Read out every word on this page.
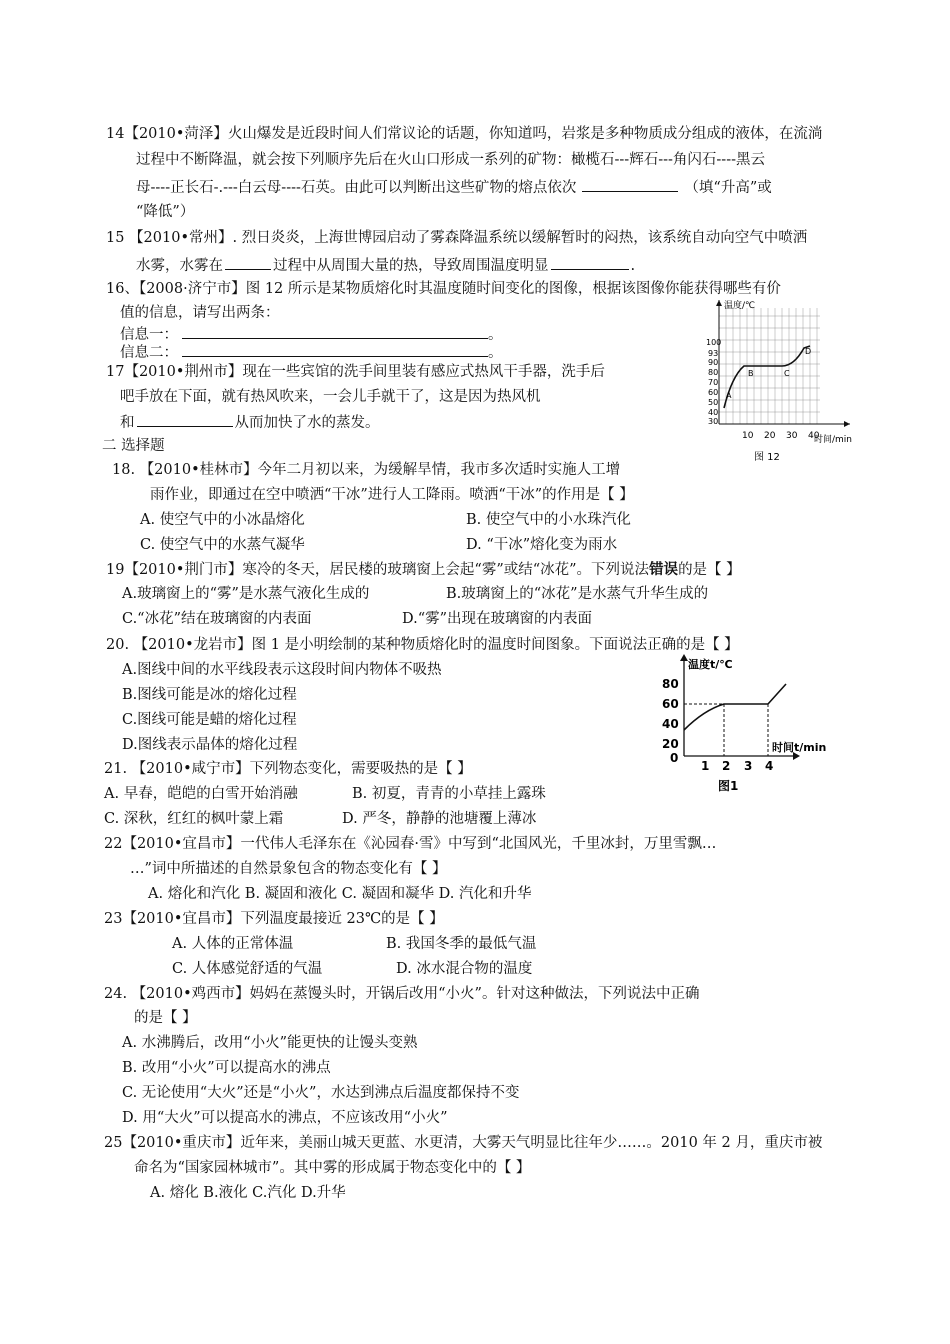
14【2010•菏泽】火山爆发是近段时间人们常议论的话题，你知道吗，岩浆是多种物质成分组成的液体，在流淌
过程中不断降温，就会按下列顺序先后在火山口形成一系列的矿物：橄榄石---辉石---角闪石----黑云
母----正长石-.---白云母----石英。由此可以判断出这些矿物的熔点依次	（填“升高”或
“降低”）
15 【2010•常州】. 烈日炎炎，上海世博园启动了雾森降温系统以缓解暂时的闷热，该系统自动向空气中喷洒
水雾，水雾在	过程中从周围大量的热，导致周围温度明显	.
16、【2008·济宁市】图 12 所示是某物质熔化时其温度随时间变化的图像，根据该图像你能获得哪些有价
值的信息，请写出两条：
信息一：	。
信息二：	。
17【2010•荆州市】现在一些宾馆的洗手间里装有感应式热风干手器，洗手后
吧手放在下面，就有热风吹来，一会儿手就干了，这是因为热风机
和	从而加快了水的蒸发。
二 选择题
温度/℃
时间/min
100
93
90
80
70
60
50
40
30
10 20 30 40
A
B	C
D
图 12
18. 【2010•桂林市】今年二月初以来，为缓解旱情，我市多次适时实施人工增
雨作业，即通过在空中喷洒“干冰”进行人工降雨。喷洒“干冰”的作用是【 】
A. 使空气中的小冰晶熔化	B. 使空气中的小水珠汽化
C. 使空气中的水蒸气凝华	D. “干冰”熔化变为雨水
19【2010•荆门市】寒冷的冬天，居民楼的玻璃窗上会起“雾”或结“冰花”。下列说法错误的是【 】
A.玻璃窗上的“雾”是水蒸气液化生成的	B.玻璃窗上的“冰花”是水蒸气升华生成的
C.“冰花”结在玻璃窗的内表面	D.“雾”出现在玻璃窗的内表面
20. 【2010•龙岩市】图 1 是小明绘制的某种物质熔化时的温度时间图象。下面说法正确的是【 】
A.图线中间的水平线段表示这段时间内物体不吸热
B.图线可能是冰的熔化过程
C.图线可能是蜡的熔化过程
D.图线表示晶体的熔化过程
温度t/℃
时间t/min
80
60
40
20
0
1 2 3 4
图1
21. 【2010•咸宁市】下列物态变化，需要吸热的是【 】
A. 早春，皑皑的白雪开始消融	B. 初夏，青青的小草挂上露珠
C. 深秋，红红的枫叶蒙上霜	D. 严冬，静静的池塘覆上薄冰
22【2010•宜昌市】一代伟人毛泽东在《沁园春·雪》中写到“北国风光，千里冰封，万里雪飘…
…”词中所描述的自然景象包含的物态变化有【 】
A. 熔化和汽化 B. 凝固和液化 C. 凝固和凝华 D. 汽化和升华
23【2010•宜昌市】下列温度最接近 23℃的是【 】
A. 人体的正常体温	B. 我国冬季的最低气温
C. 人体感觉舒适的气温	D. 冰水混合物的温度
24. 【2010•鸡西市】妈妈在蒸馒头时，开锅后改用“小火”。针对这种做法，下列说法中正确
的是【 】
A. 水沸腾后，改用“小火”能更快的让馒头变熟
B. 改用“小火”可以提高水的沸点
C. 无论使用“大火”还是“小火”，水达到沸点后温度都保持不变
D. 用“大火”可以提高水的沸点，不应该改用“小火”
25【2010•重庆市】近年来，美丽山城天更蓝、水更清，大雾天气明显比往年少……。2010 年 2 月，重庆市被
命名为“国家园林城市”。其中雾的形成属于物态变化中的【 】
A. 熔化 B.液化 C.汽化 D.升华
